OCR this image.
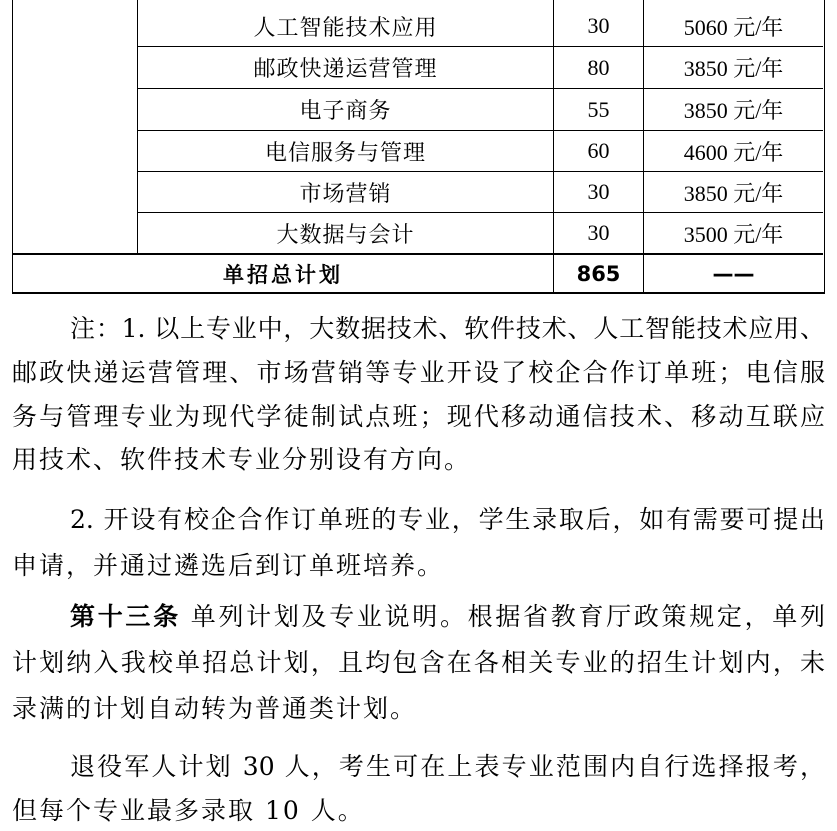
人工智能技术应用	30	5060 元/年
邮政快递运营管理	80	3850 元/年
电子商务	55	3850 元/年
电信服务与管理	60	4600 元/年
市场营销	30	3850 元/年
大数据与会计	30	3500 元/年
单招总计划	865	——
注：1. 以上专业中，大数据技术、软件技术、人工智能技术应用、
邮政快递运营管理、市场营销等专业开设了校企合作订单班；电信服
务与管理专业为现代学徒制试点班；现代移动通信技术、移动互联应
用技术、软件技术专业分别设有方向。
2. 开设有校企合作订单班的专业，学生录取后，如有需要可提出
申请，并通过遴选后到订单班培养。
第十三条 单列计划及专业说明。根据省教育厅政策规定，单列
计划纳入我校单招总计划，且均包含在各相关专业的招生计划内，未
录满的计划自动转为普通类计划。
退役军人计划 30 人，考生可在上表专业范围内自行选择报考，
但每个专业最多录取 10 人。
